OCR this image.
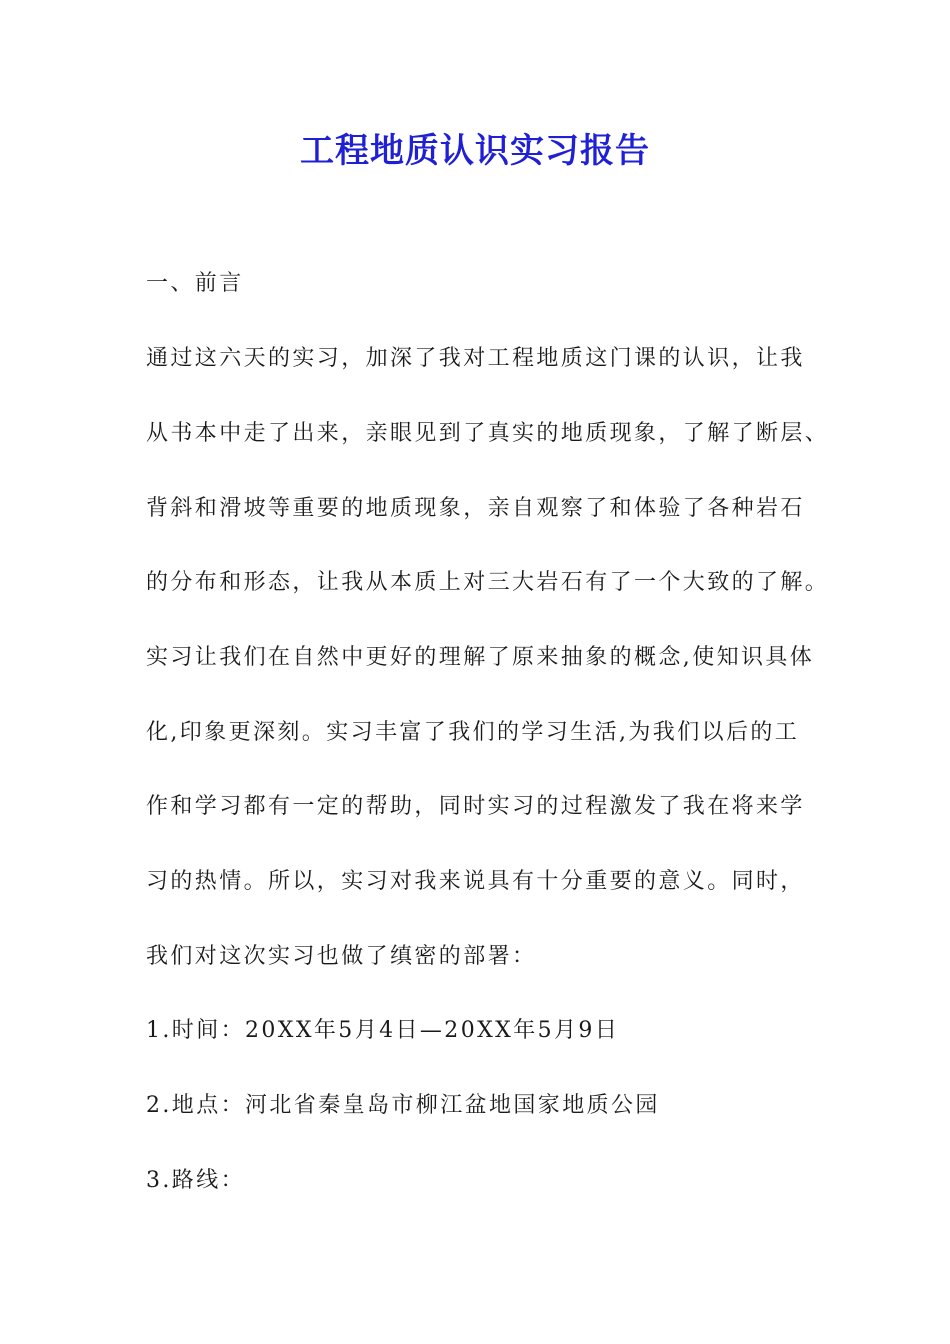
工程地质认识实习报告
一、前言
通过这六天的实习，加深了我对工程地质这门课的认识，让我
从书本中走了出来，亲眼见到了真实的地质现象，了解了断层、
背斜和滑坡等重要的地质现象，亲自观察了和体验了各种岩石
的分布和形态，让我从本质上对三大岩石有了一个大致的了解。
实习让我们在自然中更好的理解了原来抽象的概念,使知识具体
化,印象更深刻。实习丰富了我们的学习生活,为我们以后的工
作和学习都有一定的帮助，同时实习的过程激发了我在将来学
习的热情。所以，实习对我来说具有十分重要的意义。同时，
我们对这次实习也做了缜密的部署：
1.时间：20XX年5月4日—20XX年5月9日
2.地点：河北省秦皇岛市柳江盆地国家地质公园
3.路线：
